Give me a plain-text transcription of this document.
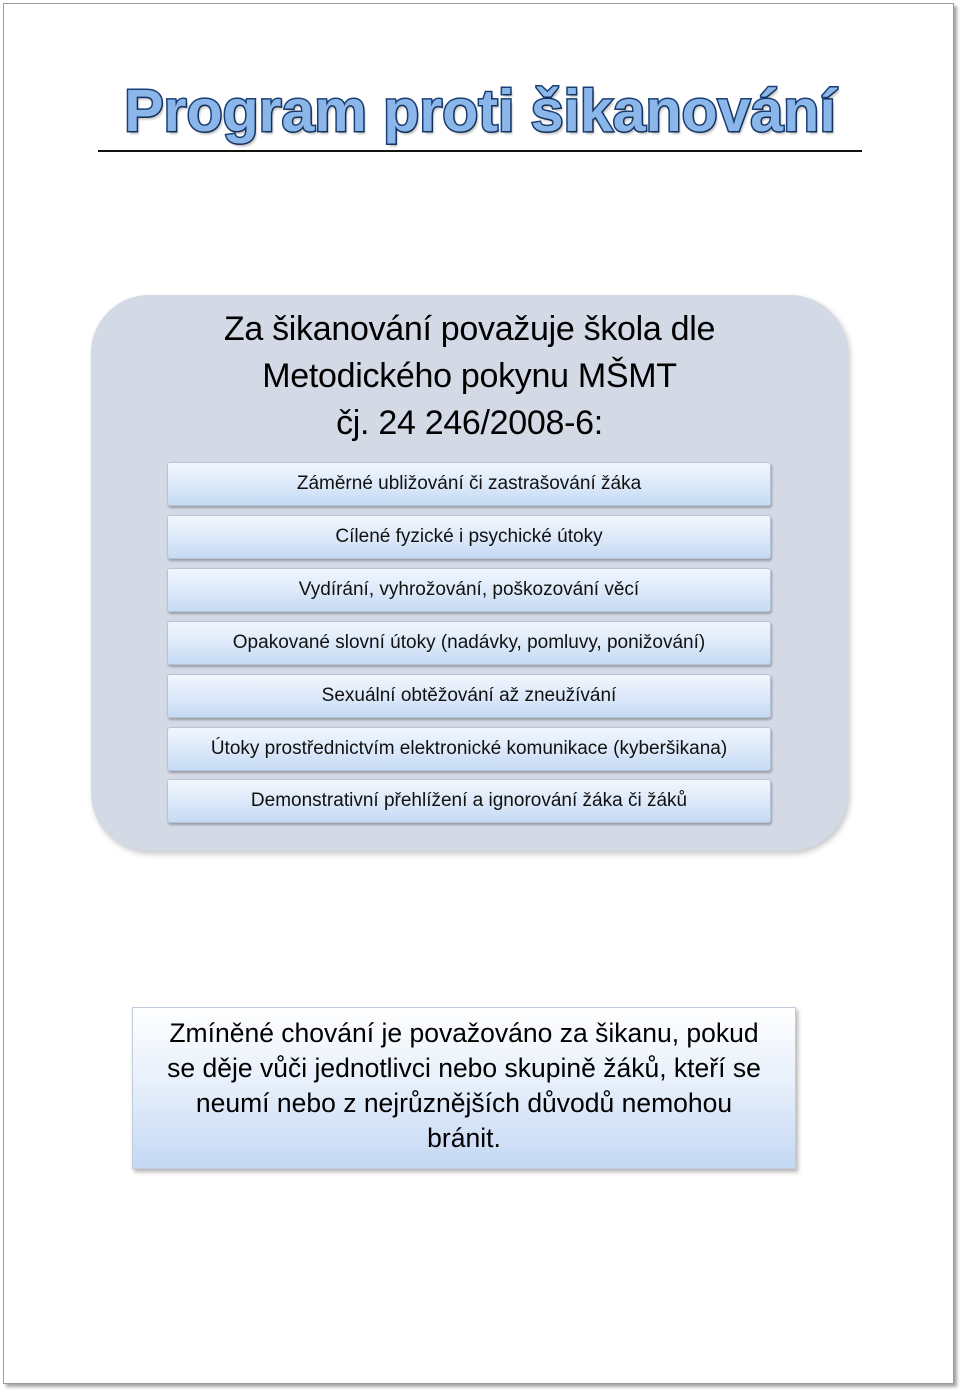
Program proti šikanování
Za šikanování považuje škola dle
Metodického pokynu MŠMT
čj. 24 246/2008-6:
Záměrné ubližování či zastrašování žáka
Cílené fyzické i psychické útoky
Vydírání, vyhrožování, poškozování věcí
Opakované slovní útoky (nadávky, pomluvy, ponižování)
Sexuální obtěžování až zneužívání
Útoky prostřednictvím elektronické komunikace (kyberšikana)
Demonstrativní přehlížení a ignorování žáka či žáků
Zmíněné chování je považováno za šikanu, pokud
se děje vůči jednotlivci nebo skupině žáků, kteří se
neumí nebo z nejrůznějších důvodů nemohou
bránit.
